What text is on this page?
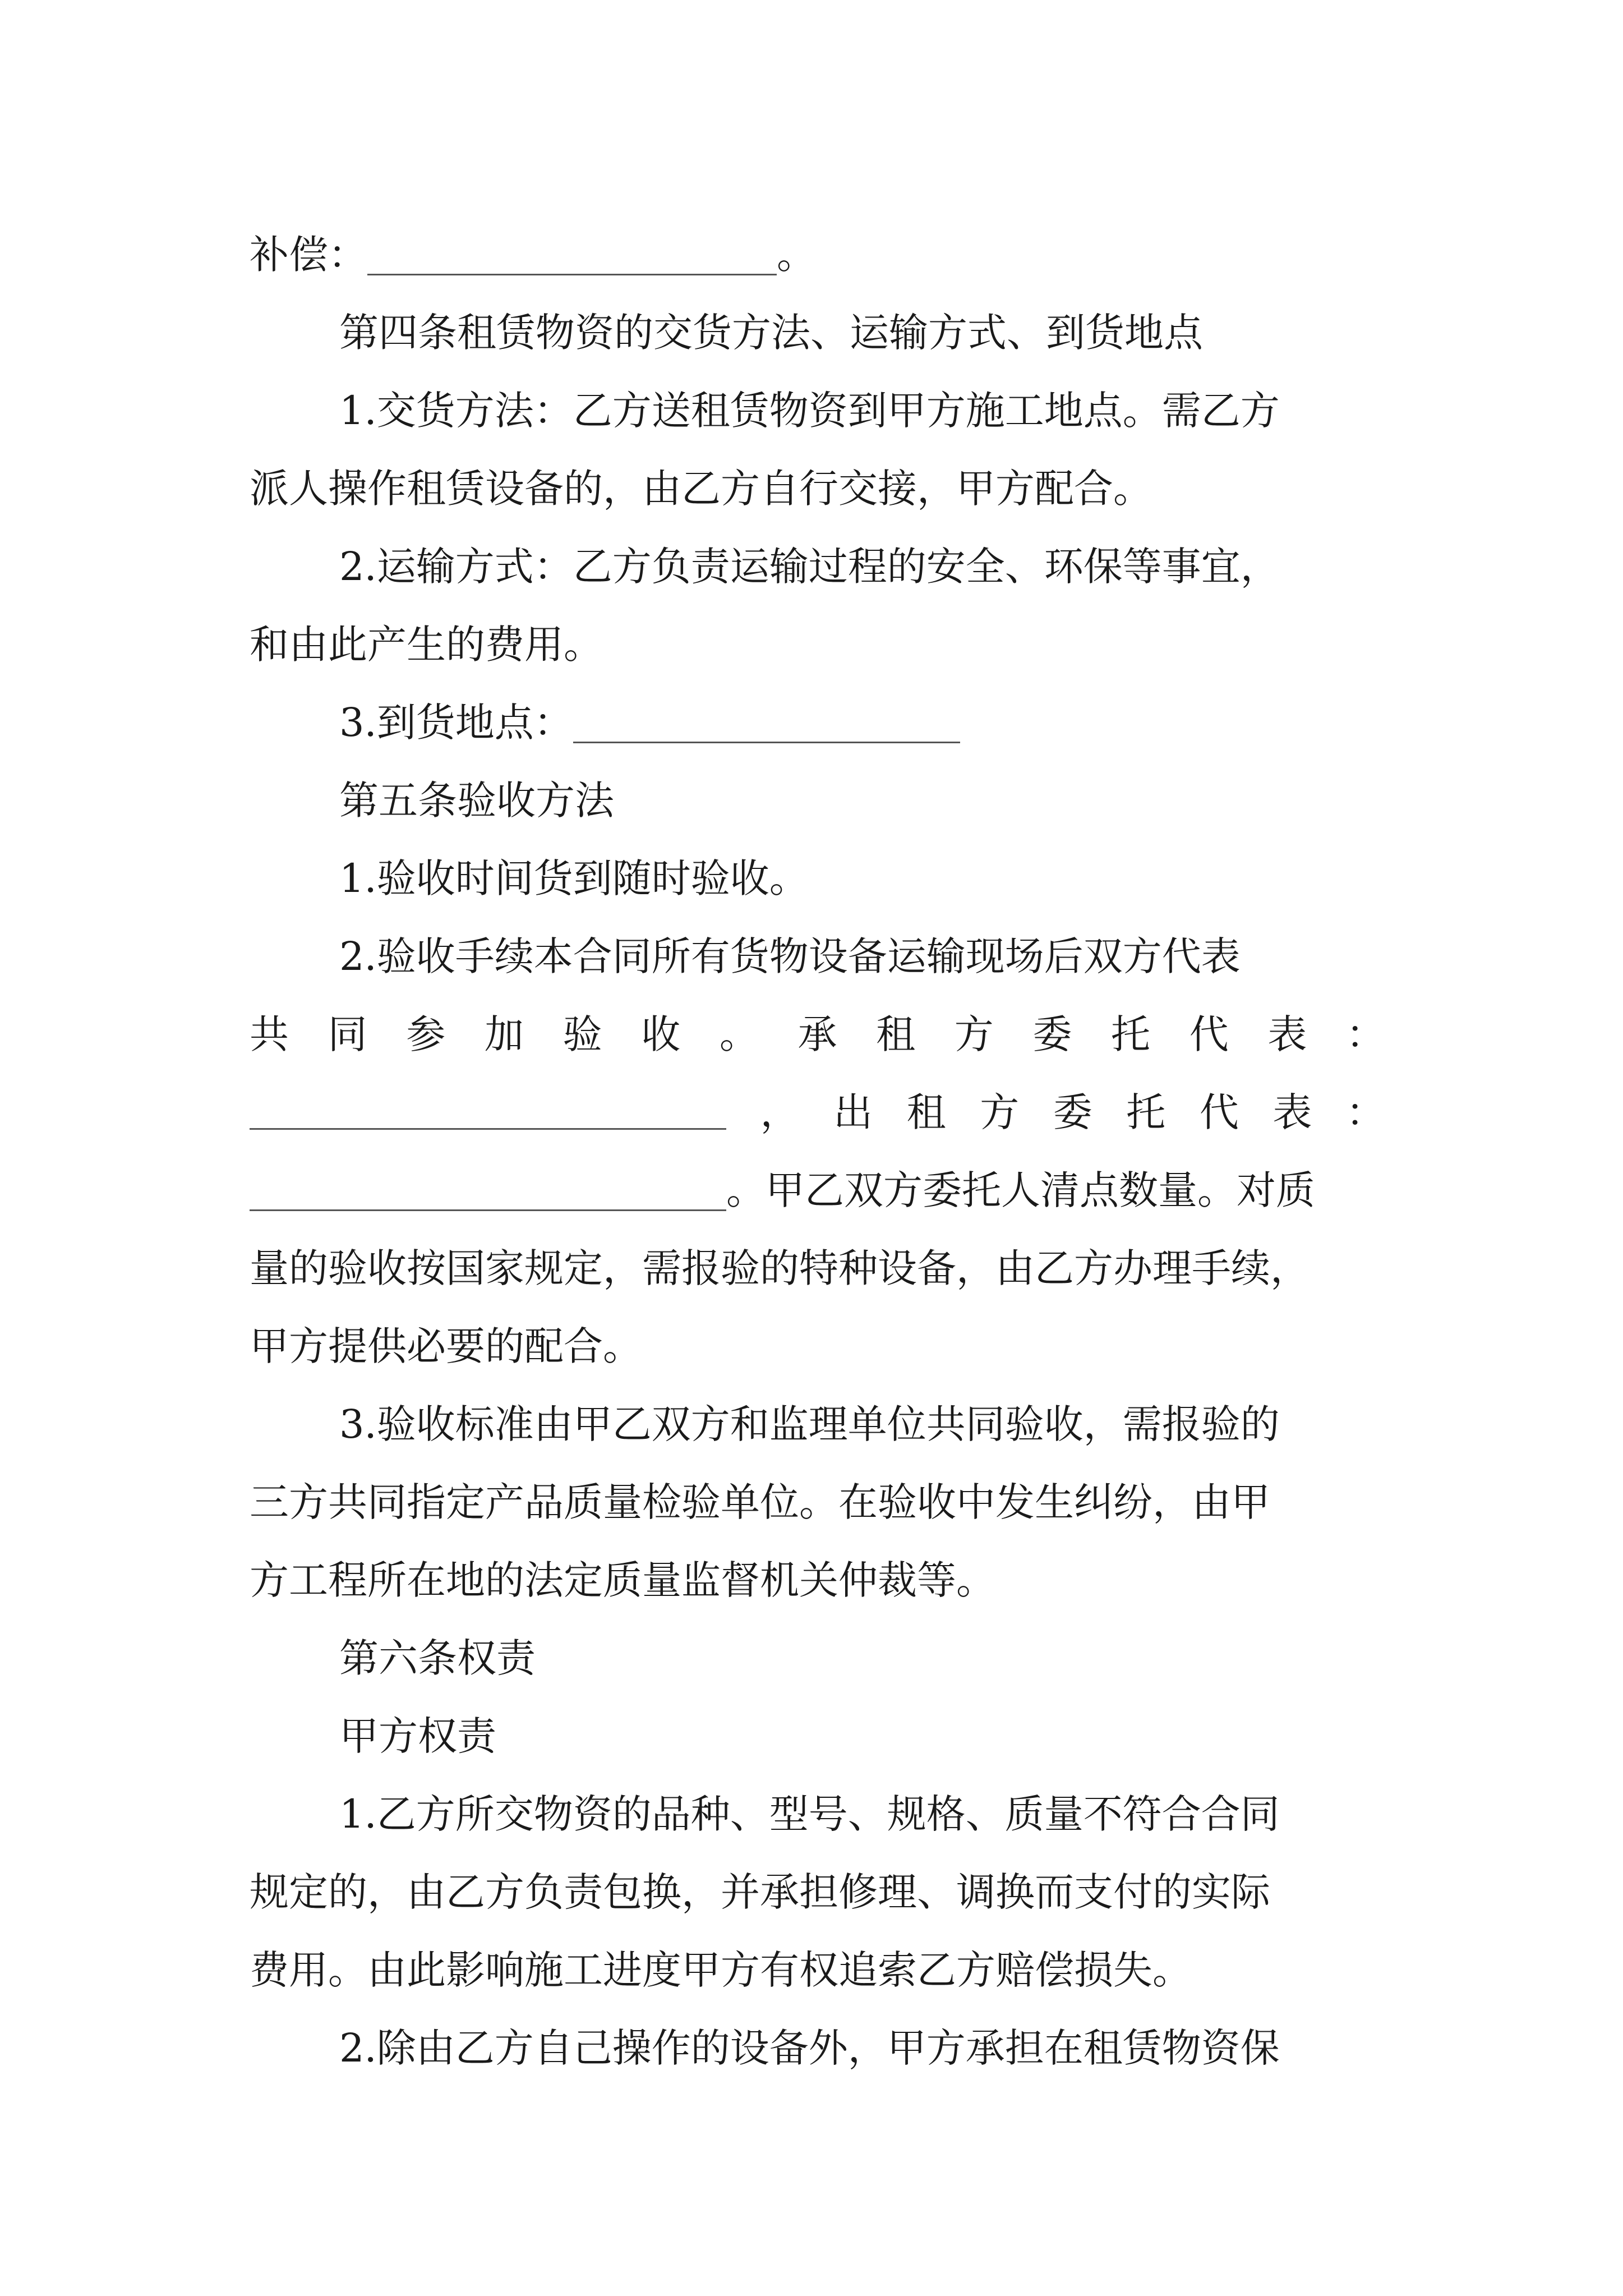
补偿：	。
第四条租赁物资的交货方法、运输方式、到货地点
1.交货方法：乙方送租赁物资到甲方施工地点。需乙方
派人操作租赁设备的，由乙方自行交接，甲方配合。
2.运输方式：乙方负责运输过程的安全、环保等事宜，
和由此产生的费用。
3.到货地点：
第五条验收方法
1.验收时间货到随时验收。
2.验收手续本合同所有货物设备运输现场后双方代表
共 同 参 加 验 收 。 承 租 方 委 托 代 表 ：
， 出 租 方 委 托 代 表 ：
。甲乙双方委托人清点数量。对质
量的验收按国家规定，需报验的特种设备，由乙方办理手续，
甲方提供必要的配合。
3.验收标准由甲乙双方和监理单位共同验收，需报验的
三方共同指定产品质量检验单位。在验收中发生纠纷，由甲
方工程所在地的法定质量监督机关仲裁等。
第六条权责
甲方权责
1.乙方所交物资的品种、型号、规格、质量不符合合同
规定的，由乙方负责包换，并承担修理、调换而支付的实际
费用。由此影响施工进度甲方有权追索乙方赔偿损失。
2.除由乙方自己操作的设备外，甲方承担在租赁物资保
